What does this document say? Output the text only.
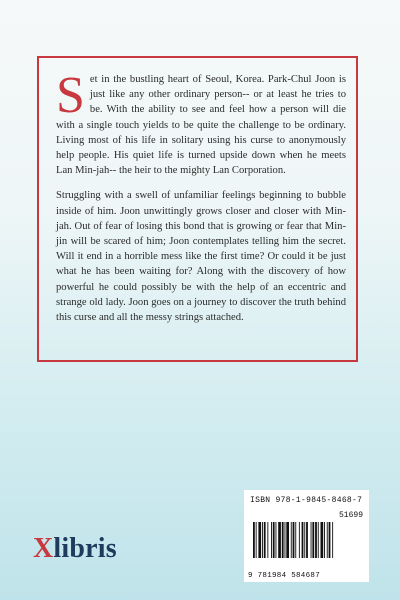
Set in the bustling heart of Seoul, Korea. Park-Chul Joon is just like any other ordinary person-- or at least he tries to be. With the ability to see and feel how a person will die with a single touch yields to be quite the challenge to be ordinary. Living most of his life in solitary using his curse to anonymously help people. His quiet life is turned upside down when he meets Lan Min-jah-- the heir to the mighty Lan Corporation.

Struggling with a swell of unfamiliar feelings beginning to bubble inside of him. Joon unwittingly grows closer and closer with Min-jah. Out of fear of losing this bond that is growing or fear that Min-jin will be scared of him; Joon contemplates telling him the secret. Will it end in a horrible mess like the first time? Or could it be just what he has been waiting for? Along with the discovery of how powerful he could possibly be with the help of an eccentric and strange old lady. Joon goes on a journey to discover the truth behind this curse and all the messy strings attached.

Xlibris
ISBN 978-1-9845-8468-7
51699
9 781984 584687
